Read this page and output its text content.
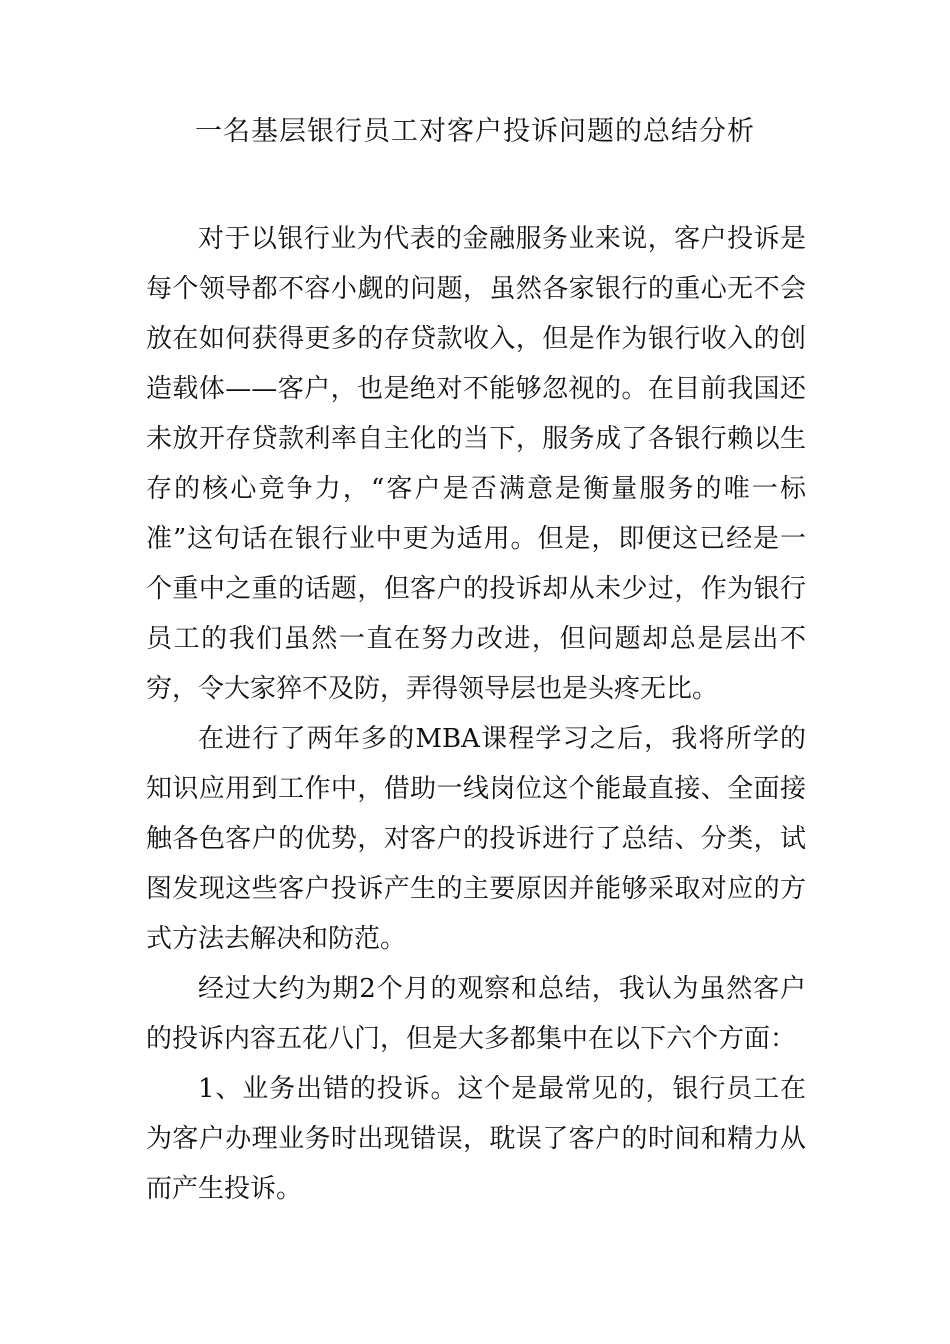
一名基层银行员工对客户投诉问题的总结分析

对于以银行业为代表的金融服务业来说，客户投诉是每个领导都不容小觑的问题，虽然各家银行的重心无不会放在如何获得更多的存贷款收入，但是作为银行收入的创造载体——客户，也是绝对不能够忽视的。在目前我国还未放开存贷款利率自主化的当下，服务成了各银行赖以生存的核心竞争力，“客户是否满意是衡量服务的唯一标准”这句话在银行业中更为适用。但是，即便这已经是一个重中之重的话题，但客户的投诉却从未少过，作为银行员工的我们虽然一直在努力改进，但问题却总是层出不穷，令大家猝不及防，弄得领导层也是头疼无比。

在进行了两年多的MBA课程学习之后，我将所学的知识应用到工作中，借助一线岗位这个能最直接、全面接触各色客户的优势，对客户的投诉进行了总结、分类，试图发现这些客户投诉产生的主要原因并能够采取对应的方式方法去解决和防范。

经过大约为期2个月的观察和总结，我认为虽然客户的投诉内容五花八门，但是大多都集中在以下六个方面：

1、业务出错的投诉。这个是最常见的，银行员工在为客户办理业务时出现错误，耽误了客户的时间和精力从而产生投诉。
